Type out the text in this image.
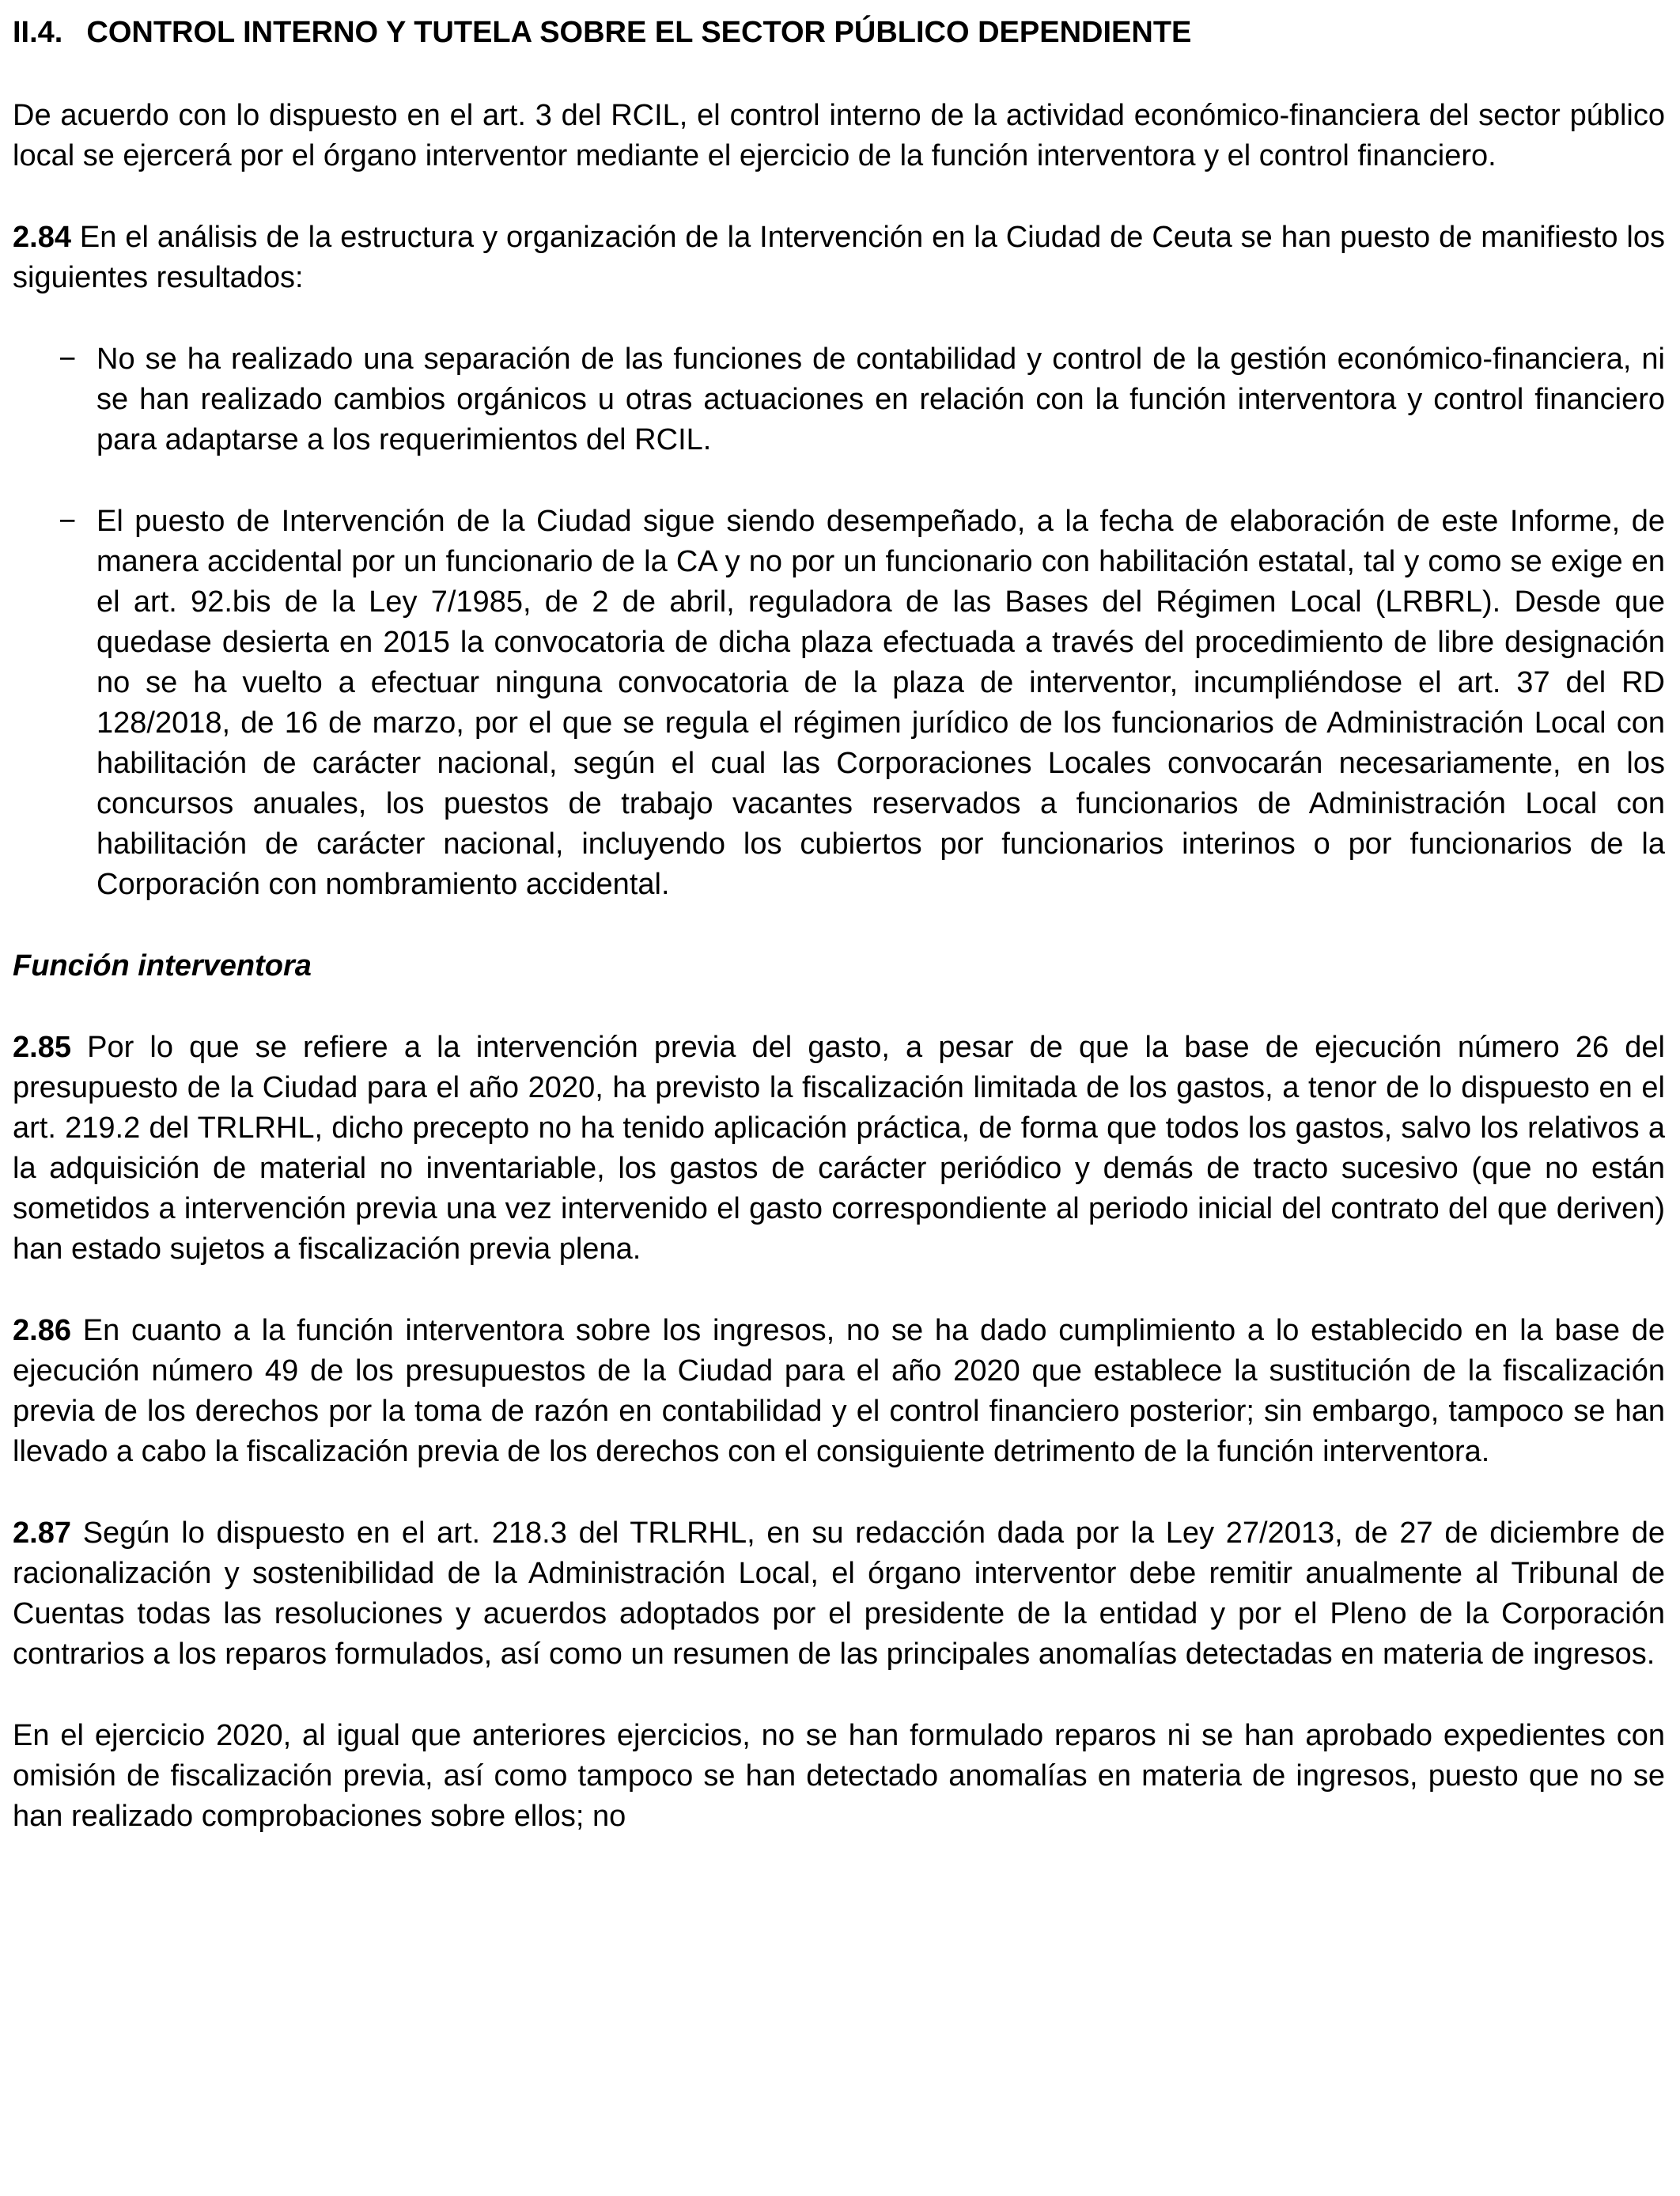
II.4. CONTROL INTERNO Y TUTELA SOBRE EL SECTOR PÚBLICO DEPENDIENTE

De acuerdo con lo dispuesto en el art. 3 del RCIL, el control interno de la actividad económico-financiera del sector público local se ejercerá por el órgano interventor mediante el ejercicio de la función interventora y el control financiero.

2.84 En el análisis de la estructura y organización de la Intervención en la Ciudad de Ceuta se han puesto de manifiesto los siguientes resultados:

− No se ha realizado una separación de las funciones de contabilidad y control de la gestión económico-financiera, ni se han realizado cambios orgánicos u otras actuaciones en relación con la función interventora y control financiero para adaptarse a los requerimientos del RCIL.
− El puesto de Intervención de la Ciudad sigue siendo desempeñado, a la fecha de elaboración de este Informe, de manera accidental por un funcionario de la CA y no por un funcionario con habilitación estatal, tal y como se exige en el art. 92.bis de la Ley 7/1985, de 2 de abril, reguladora de las Bases del Régimen Local (LRBRL). Desde que quedase desierta en 2015 la convocatoria de dicha plaza efectuada a través del procedimiento de libre designación no se ha vuelto a efectuar ninguna convocatoria de la plaza de interventor, incumpliéndose el art. 37 del RD 128/2018, de 16 de marzo, por el que se regula el régimen jurídico de los funcionarios de Administración Local con habilitación de carácter nacional, según el cual las Corporaciones Locales convocarán necesariamente, en los concursos anuales, los puestos de trabajo vacantes reservados a funcionarios de Administración Local con habilitación de carácter nacional, incluyendo los cubiertos por funcionarios interinos o por funcionarios de la Corporación con nombramiento accidental.
Función interventora

2.85 Por lo que se refiere a la intervención previa del gasto, a pesar de que la base de ejecución número 26 del presupuesto de la Ciudad para el año 2020, ha previsto la fiscalización limitada de los gastos, a tenor de lo dispuesto en el art. 219.2 del TRLRHL, dicho precepto no ha tenido aplicación práctica, de forma que todos los gastos, salvo los relativos a la adquisición de material no inventariable, los gastos de carácter periódico y demás de tracto sucesivo (que no están sometidos a intervención previa una vez intervenido el gasto correspondiente al periodo inicial del contrato del que deriven) han estado sujetos a fiscalización previa plena.

2.86 En cuanto a la función interventora sobre los ingresos, no se ha dado cumplimiento a lo establecido en la base de ejecución número 49 de los presupuestos de la Ciudad para el año 2020 que establece la sustitución de la fiscalización previa de los derechos por la toma de razón en contabilidad y el control financiero posterior; sin embargo, tampoco se han llevado a cabo la fiscalización previa de los derechos con el consiguiente detrimento de la función interventora.

2.87 Según lo dispuesto en el art. 218.3 del TRLRHL, en su redacción dada por la Ley 27/2013, de 27 de diciembre de racionalización y sostenibilidad de la Administración Local, el órgano interventor debe remitir anualmente al Tribunal de Cuentas todas las resoluciones y acuerdos adoptados por el presidente de la entidad y por el Pleno de la Corporación contrarios a los reparos formulados, así como un resumen de las principales anomalías detectadas en materia de ingresos.

En el ejercicio 2020, al igual que anteriores ejercicios, no se han formulado reparos ni se han aprobado expedientes con omisión de fiscalización previa, así como tampoco se han detectado anomalías en materia de ingresos, puesto que no se han realizado comprobaciones sobre ellos; no
